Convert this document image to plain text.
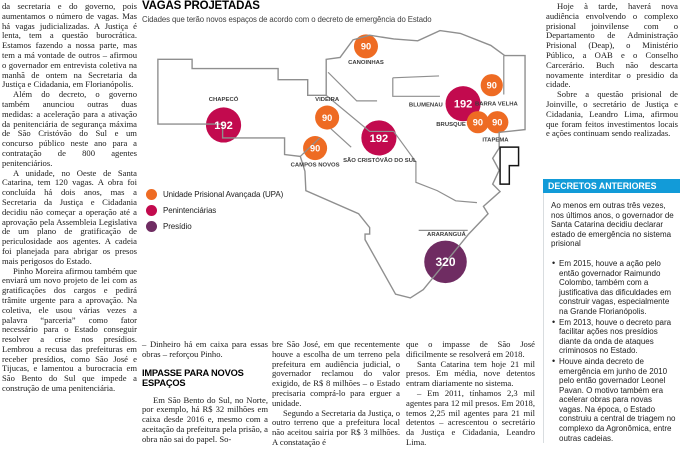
da secretaria e do governo, pois aumentamos o número de vagas. Mas há vagas judicializadas. A Justiça é lenta, tem a questão burocrática. Estamos fazendo a nossa parte, mas tem a má vontade de outros – afirmou o governador em entrevista coletiva na manhã de ontem na Secretaria da Justiça e Cidadania, em Florianópolis.

Além do decreto, o governo também anunciou outras duas medidas: a aceleração para a ativação da penitenciária de segurança máxima de São Cristóvão do Sul e um concurso público neste ano para a contratação de 800 agentes penitenciários.

A unidade, no Oeste de Santa Catarina, tem 120 vagas. A obra foi concluída há dois anos, mas a Secretaria da Justiça e Cidadania decidiu não começar a operação até a aprovação pela Assembleia Legislativa de um plano de gratificação de periculosidade aos agentes. A cadeia foi planejada para abrigar os presos mais perigosos do Estado.

Pinho Moreira afirmou também que enviará um novo projeto de lei com as gratificações dos cargos e pedirá trâmite urgente para a aprovação. Na coletiva, ele usou várias vezes a palavra “parceria” como fator necessário para o Estado conseguir resolver a crise nos presídios. Lembrou a recusa das prefeituras em receber presídios, como São José e Tijucas, e lamentou a burocracia em São Bento do Sul que impede a construção de uma penitenciária.

VAGAS PROJETADAS
Cidades que terão novos espaços de acordo com o decreto de emergência do Estado
192
CHAPECÓ
90
VIDEIRA
90
CAMPOS NOVOS
90
CANOINHAS
192
SÃO CRISTÓVÃO DO SUL
192
BLUMENAU
90
BARRA VELHA
90
BRUSQUE	90
ITAPEMA
320
ARARANGUÁ
Unidade Prisional Avançada (UPA)
Penintenciárias
Presídio

– Dinheiro há em caixa para essas obras – reforçou Pinho.

IMPASSE PARA NOVOS ESPAÇOS

Em São Bento do Sul, no Norte, por exemplo, há R$ 32 milhões em caixa desde 2016 e, mesmo com a aceitação da prefeitura pela prisão, a obra não sai do papel. So-

bre São José, em que recentemente houve a escolha de um terreno pela prefeitura em audiência judicial, o governador reclamou do valor exigido, de R$ 8 milhões – o Estado precisaria comprá-lo para erguer a unidade.

Segundo a Secretaria da Justiça, o outro terreno que a prefeitura local não aceitou sairia por R$ 3 milhões. A constatação é

que o impasse de São José dificilmente se resolverá em 2018.

Santa Catarina tem hoje 21 mil presos. Em média, nove detentos entram diariamente no sistema.

– Em 2011, tínhamos 2,3 mil agentes para 12 mil presos. Em 2018, temos 2,25 mil agentes para 21 mil detentos – acrescentou o secretário da Justiça e Cidadania, Leandro Lima.

Hoje à tarde, haverá nova audiência envolvendo o complexo prisional joinvilense com o Departamento de Administração Prisional (Deap), o Ministério Público, a OAB e o Conselho Carcerário. Buch não descarta novamente interditar o presidio da cidade.

Sobre a questão prisional de Joinville, o secretário de Justiça e Cidadania, Leandro Lima, afirmou que foram feitos investimentos locais e ações continuam sendo realizadas.

DECRETOS ANTERIORES

Ao menos em outras três vezes, nos últimos anos, o governador de Santa Catarina decidiu declarar estado de emergência no sistema prisional

• Em 2015, houve a ação pelo então governador Raimundo Colombo, também com a justificativa das dificuldades em construir vagas, especialmente na Grande Florianópolis.
• Em 2013, houve o decreto para facilitar ações nos presídios diante da onda de ataques criminosos no Estado.
• Houve ainda decreto de emergência em junho de 2010 pelo então governador Leonel Pavan. O motivo também era acelerar obras para novas vagas. Na época, o Estado construiu a central de triagem no complexo da Agronômica, entre outras cadeias.
